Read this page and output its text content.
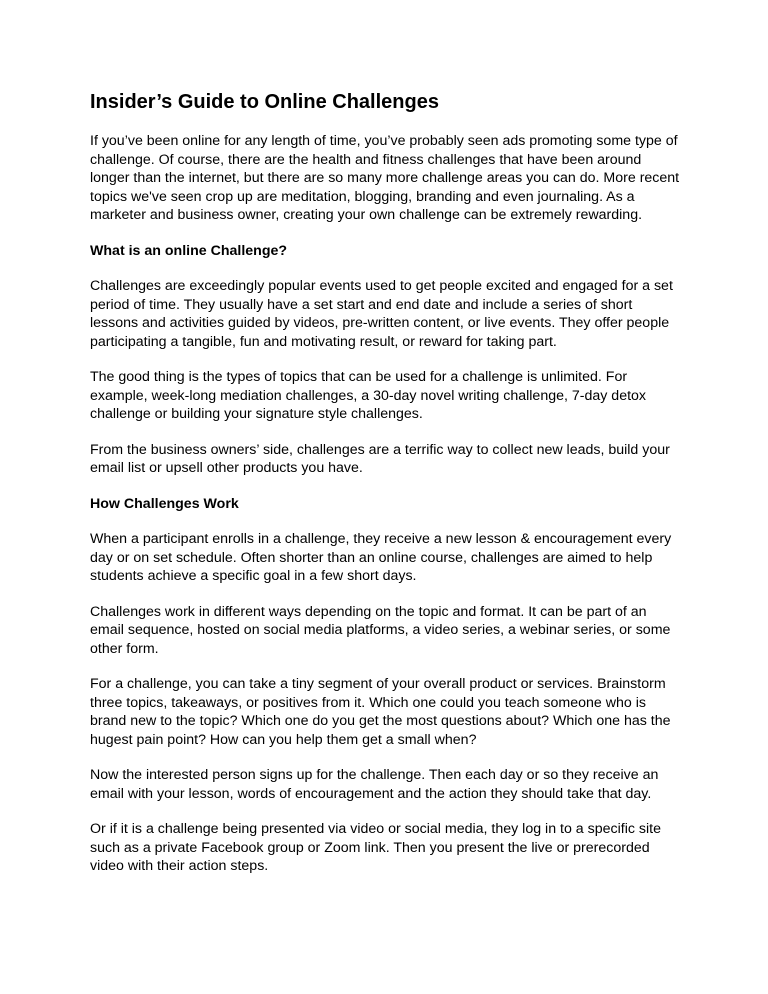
Insider’s Guide to Online Challenges

If you’ve been online for any length of time, you’ve probably seen ads promoting some type of challenge. Of course, there are the health and fitness challenges that have been around longer than the internet, but there are so many more challenge areas you can do. More recent topics we've seen crop up are meditation, blogging, branding and even journaling. As a marketer and business owner, creating your own challenge can be extremely rewarding.

What is an online Challenge?

Challenges are exceedingly popular events used to get people excited and engaged for a set period of time. They usually have a set start and end date and include a series of short lessons and activities guided by videos, pre-written content, or live events. They offer people participating a tangible, fun and motivating result, or reward for taking part.

The good thing is the types of topics that can be used for a challenge is unlimited. For example, week-long mediation challenges, a 30-day novel writing challenge, 7-day detox challenge or building your signature style challenges.

From the business owners’ side, challenges are a terrific way to collect new leads, build your email list or upsell other products you have.

How Challenges Work

When a participant enrolls in a challenge, they receive a new lesson & encouragement every day or on set schedule. Often shorter than an online course, challenges are aimed to help students achieve a specific goal in a few short days.

Challenges work in different ways depending on the topic and format. It can be part of an email sequence, hosted on social media platforms, a video series, a webinar series, or some other form.

For a challenge, you can take a tiny segment of your overall product or services. Brainstorm three topics, takeaways, or positives from it. Which one could you teach someone who is brand new to the topic? Which one do you get the most questions about? Which one has the hugest pain point? How can you help them get a small when?

Now the interested person signs up for the challenge. Then each day or so they receive an email with your lesson, words of encouragement and the action they should take that day.

Or if it is a challenge being presented via video or social media, they log in to a specific site such as a private Facebook group or Zoom link. Then you present the live or prerecorded video with their action steps.
